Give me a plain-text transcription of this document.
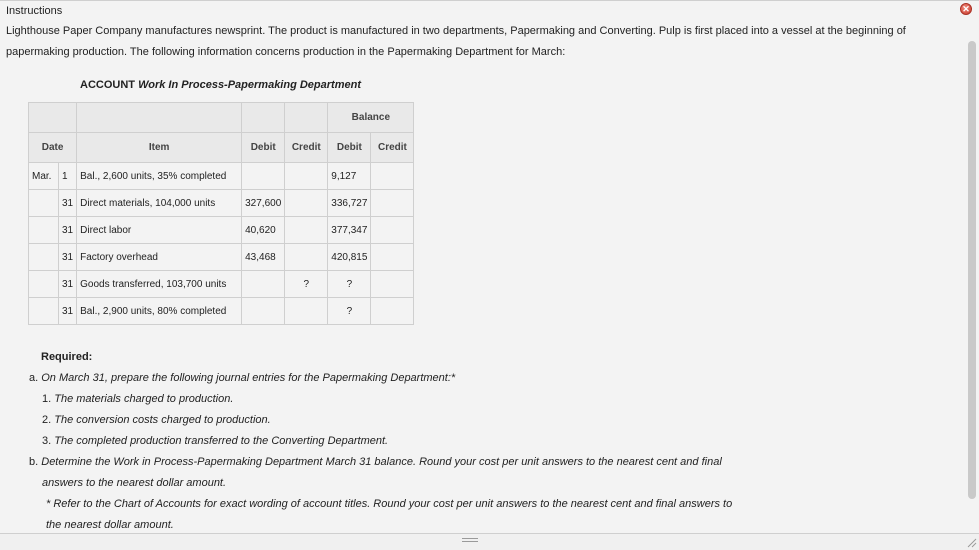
Instructions	✕

Lighthouse Paper Company manufactures newsprint. The product is manufactured in two departments, Papermaking and Converting. Pulp is first placed into a vessel at the beginning of papermaking production. The following information concerns production in the Papermaking Department for March:

ACCOUNT Work In Process-Papermaking Department
					Balance	
Date		Item	Debit	Credit	Debit	Credit
Mar.	1	Bal., 2,600 units, 35% completed			9,127	
	31	Direct materials, 104,000 units	327,600		336,727	
	31	Direct labor	40,620		377,347	
	31	Factory overhead	43,468		420,815	
	31	Goods transferred, 103,700 units		?	?	
	31	Bal., 2,900 units, 80% completed			?	
Required:
a. On March 31, prepare the following journal entries for the Papermaking Department:*
1. The materials charged to production.
2. The conversion costs charged to production.
3. The completed production transferred to the Converting Department.
b. Determine the Work in Process-Papermaking Department March 31 balance. Round your cost per unit answers to the nearest cent and final
answers to the nearest dollar amount.
* Refer to the Chart of Accounts for exact wording of account titles. Round your cost per unit answers to the nearest cent and final answers to
the nearest dollar amount.
